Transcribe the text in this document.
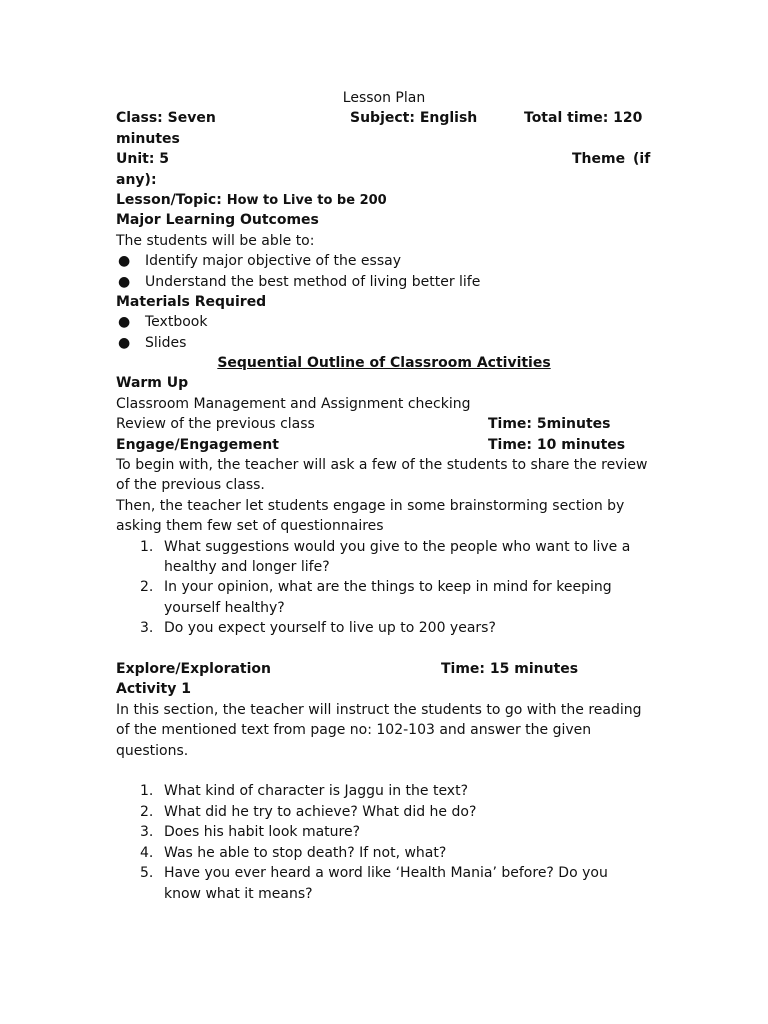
Lesson Plan
Class: Seven	Subject: English	Total time: 120
minutes
Unit: 5	Theme (if
any):
Lesson/Topic: How to Live to be 200
Major Learning Outcomes
The students will be able to:
●	Identify major objective of the essay
●	Understand the best method of living better life
Materials Required
●	Textbook
●	Slides
Sequential Outline of Classroom Activities
Warm Up
Classroom Management and Assignment checking
Review of the previous class	Time: 5minutes
Engage/Engagement	Time: 10 minutes
To begin with, the teacher will ask a few of the students to share the review of the previous class.
Then, the teacher let students engage in some brainstorming section by asking them few set of questionnaires
1. What suggestions would you give to the people who want to live a healthy and longer life?
2. In your opinion, what are the things to keep in mind for keeping yourself healthy?
3. Do you expect yourself to live up to 200 years?
Explore/Exploration	Time: 15 minutes
Activity 1
In this section, the teacher will instruct the students to go with the reading of the mentioned text from page no: 102-103 and answer the given questions.
1. What kind of character is Jaggu in the text?
2. What did he try to achieve? What did he do?
3. Does his habit look mature?
4. Was he able to stop death? If not, what?
5. Have you ever heard a word like ‘Health Mania’ before? Do you know what it means?
